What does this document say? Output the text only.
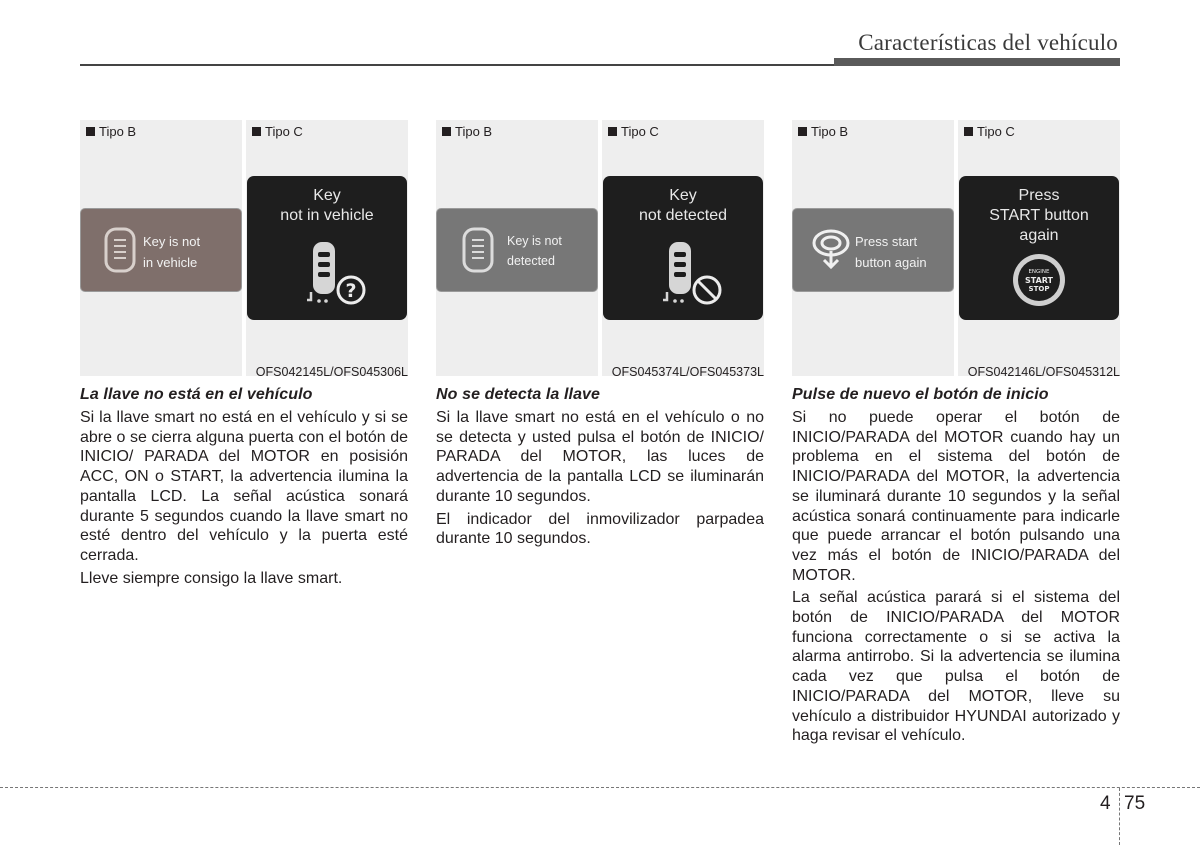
Características del vehículo
Tipo B
Key is not
in vehicle
Tipo C
Key
not in vehicle
?
OFS042145L/OFS045306L
La llave no está en el vehículo

Si la llave smart no está en el vehículo y si se abre o se cierra alguna puerta con el botón de INICIO/ PARADA del MOTOR en posisión ACC, ON o START, la advertencia ilumina la pantalla LCD. La señal acústica sonará durante 5 segundos cuando la llave smart no esté dentro del vehículo y la puerta esté cerrada.

Lleve siempre consigo la llave smart.

Tipo B
Key is not
detected
Tipo C
Key
not detected
OFS045374L/OFS045373L
No se detecta la llave

Si la llave smart no está en el vehículo o no se detecta y usted pulsa el botón de INICIO/ PARADA del MOTOR, las luces de advertencia de la pantalla LCD se iluminarán durante 10 segundos.

El indicador del inmovilizador parpadea durante 10 segundos.

Tipo B
Press start
button again
Tipo C
Press
START button
again
ENGINE
START
STOP
OFS042146L/OFS045312L
Pulse de nuevo el botón de inicio

Si no puede operar el botón de INICIO/PARADA del MOTOR cuando hay un problema en el sistema del botón de INICIO/PARADA del MOTOR, la advertencia se iluminará durante 10 segundos y la señal acústica sonará continuamente para indicarle que puede arrancar el botón pulsando una vez más el botón de INICIO/PARADA del MOTOR.

La señal acústica parará si el sistema del botón de INICIO/PARADA del MOTOR funciona correctamente o si se activa la alarma antirrobo. Si la advertencia se ilumina cada vez que pulsa el botón de INICIO/PARADA del MOTOR, lleve su vehículo a distribuidor HYUNDAI autorizado y haga revisar el vehículo.

4 75
